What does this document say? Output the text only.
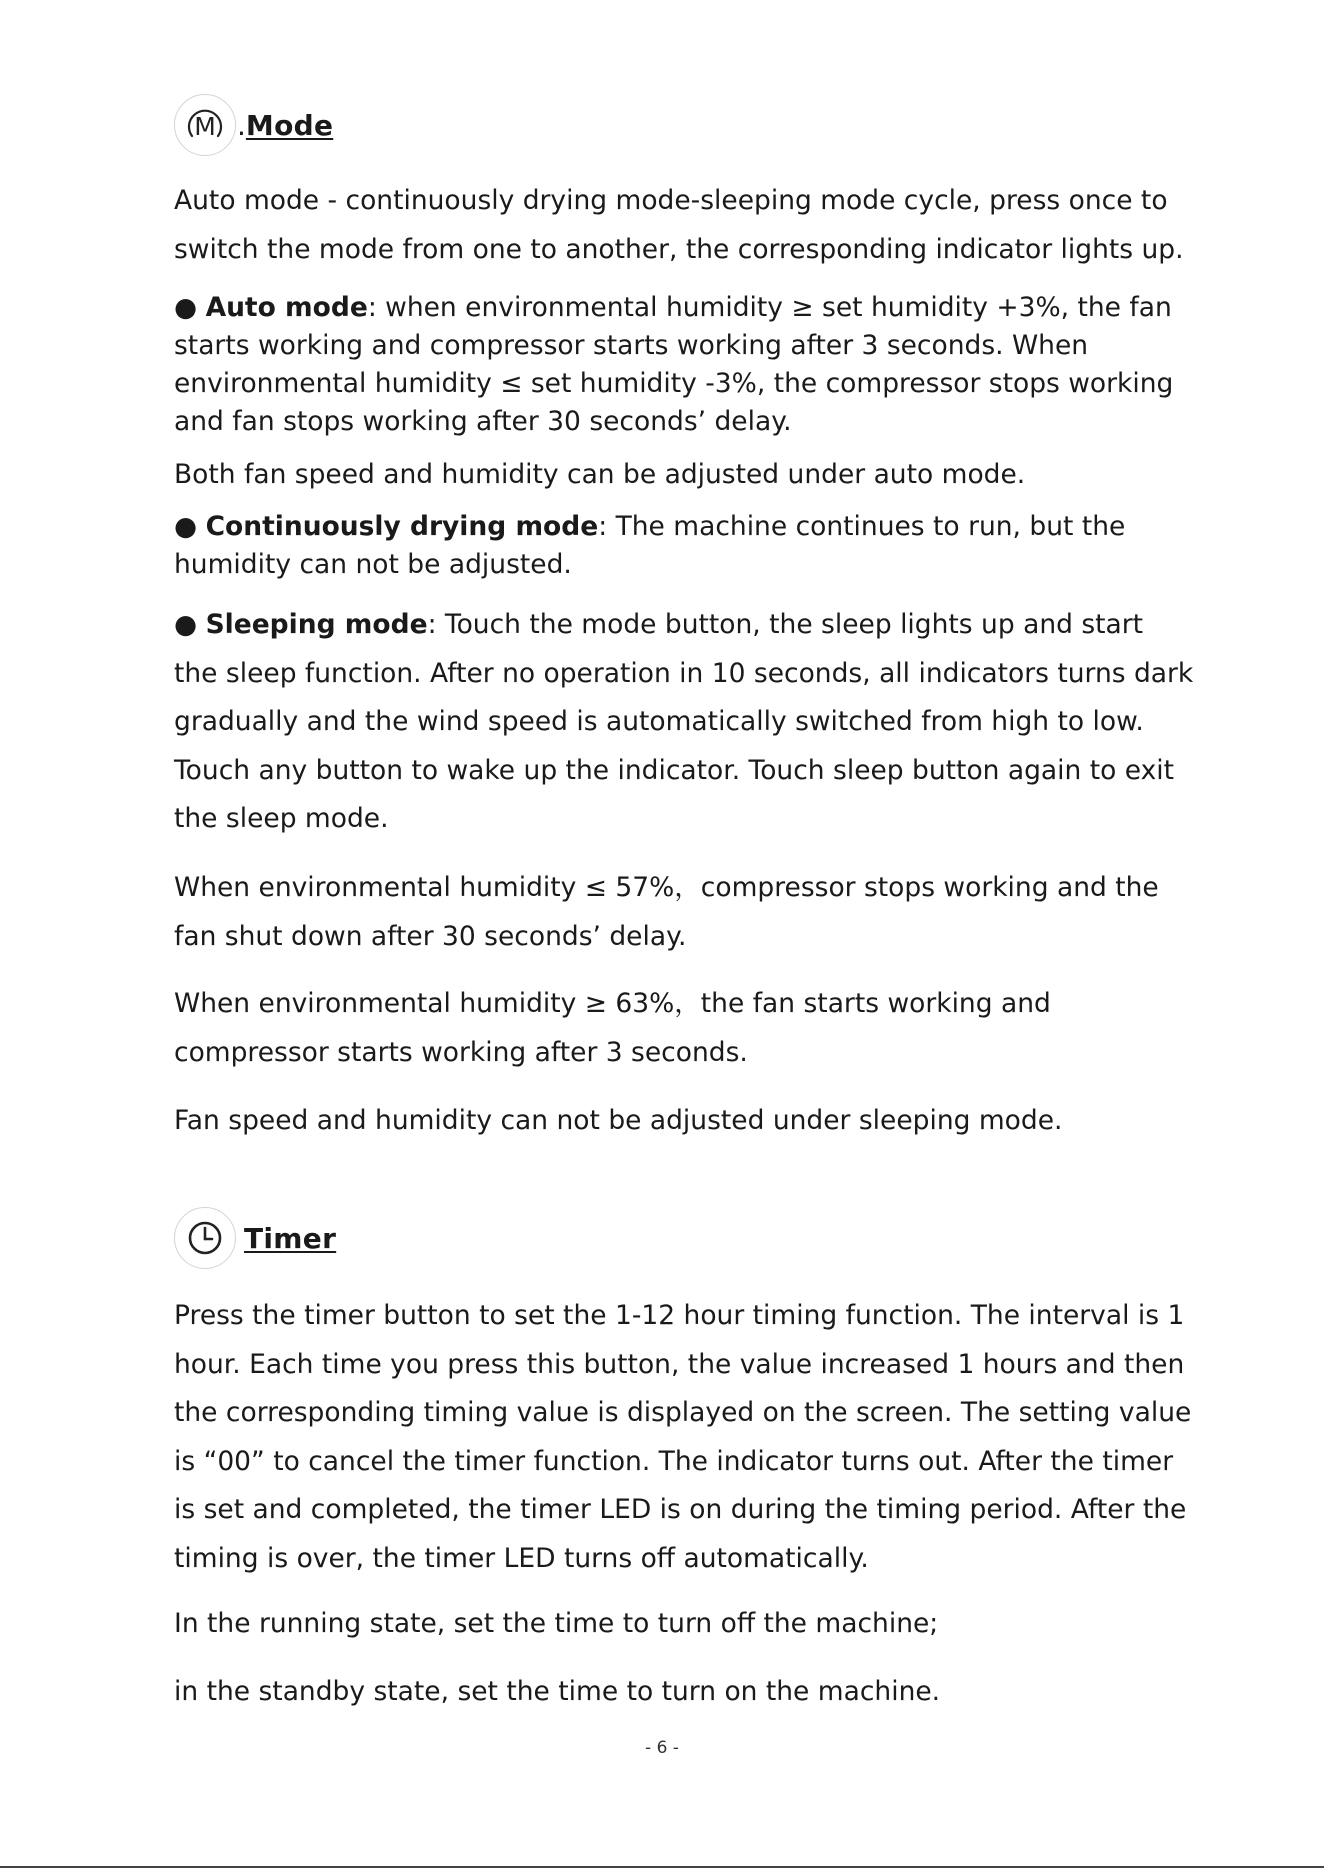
M . Mode

Auto mode - continuously drying mode-sleeping mode cycle, press once to switch the mode from one to another, the corresponding indicator lights up.

● Auto mode: when environmental humidity ≥ set humidity +3%, the fan starts working and compressor starts working after 3 seconds. When environmental humidity ≤ set humidity -3%, the compressor stops working and fan stops working after 30 seconds’ delay.

Both fan speed and humidity can be adjusted under auto mode.

● Continuously drying mode: The machine continues to run, but the humidity can not be adjusted.

● Sleeping mode: Touch the mode button, the sleep lights up and start the sleep function. After no operation in 10 seconds, all indicators turns dark gradually and the wind speed is automatically switched from high to low. Touch any button to wake up the indicator. Touch sleep button again to exit the sleep mode.

When environmental humidity ≤ 57%，compressor stops working and the fan shut down after 30 seconds’ delay.

When environmental humidity ≥ 63%，the fan starts working and compressor starts working after 3 seconds.

Fan speed and humidity can not be adjusted under sleeping mode.

Timer

Press the timer button to set the 1-12 hour timing function. The interval is 1 hour. Each time you press this button, the value increased 1 hours and then the corresponding timing value is displayed on the screen. The setting value is “00” to cancel the timer function. The indicator turns out. After the timer is set and completed, the timer LED is on during the timing period. After the timing is over, the timer LED turns off automatically.

In the running state, set the time to turn off the machine;

in the standby state, set the time to turn on the machine.

- 6 -
